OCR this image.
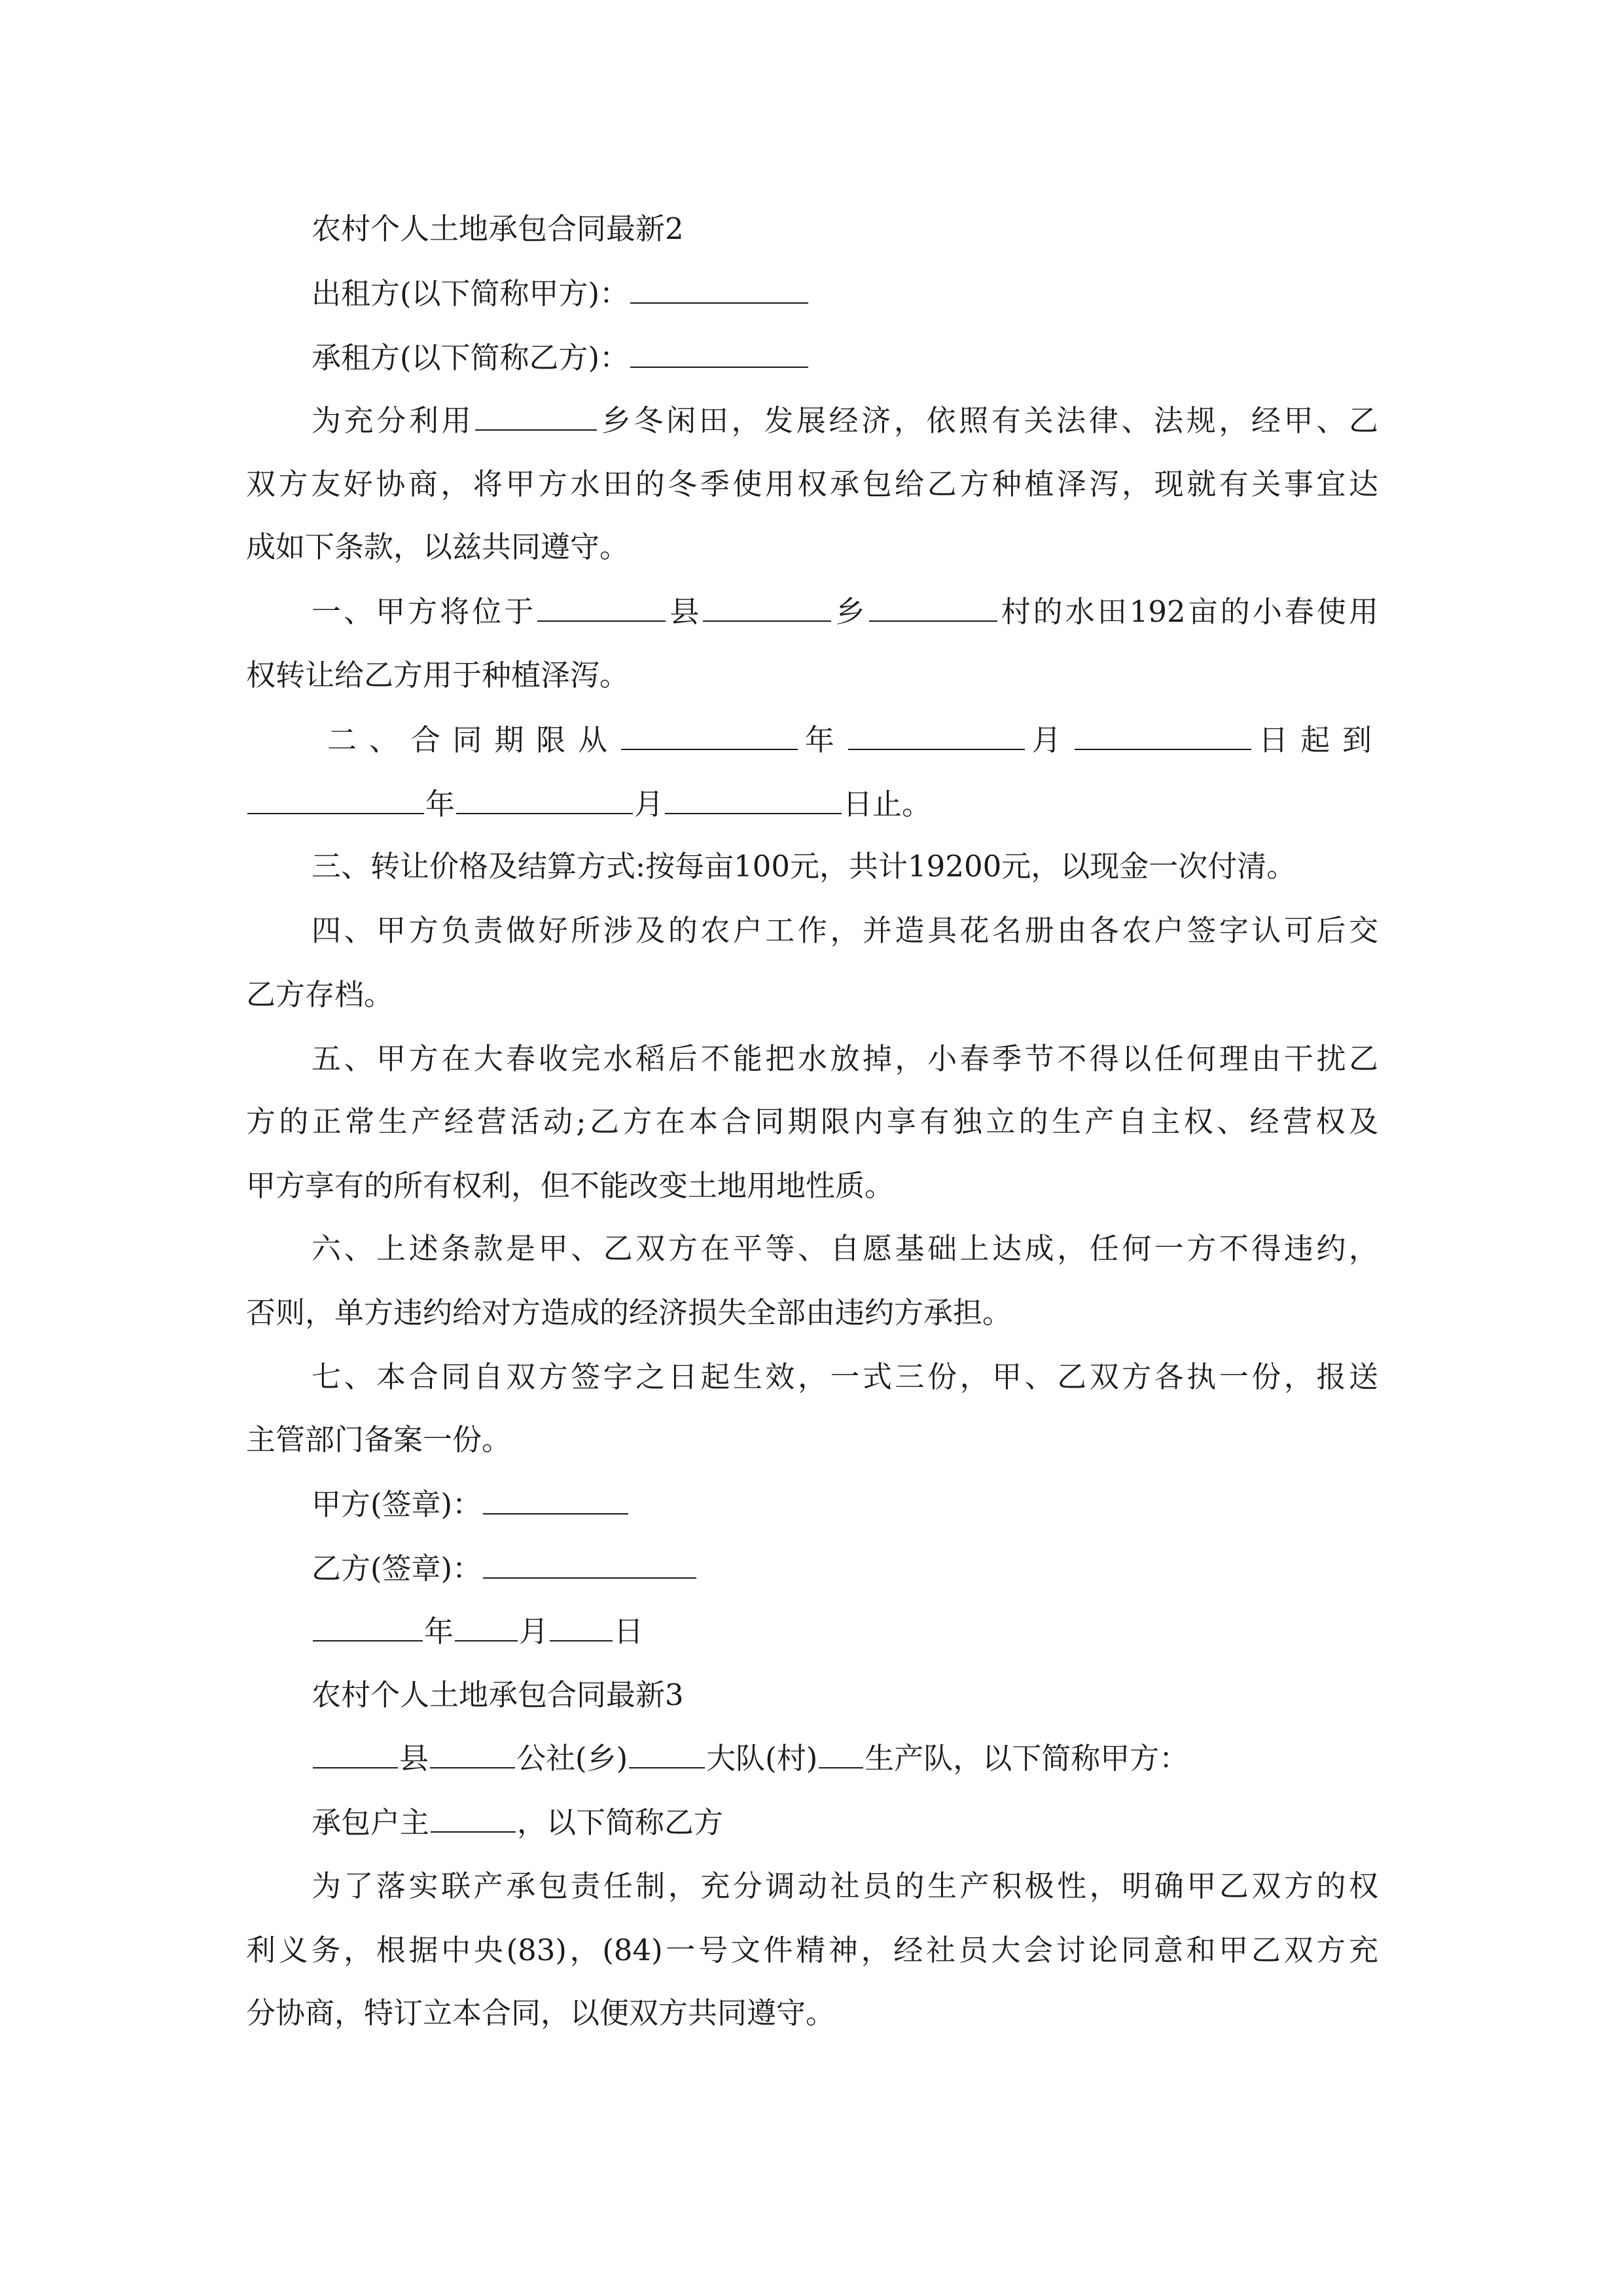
农村个人土地承包合同最新2
出租方(以下简称甲方)：
承租方(以下简称乙方)：
为充分利用	乡冬闲田，发展经济，依照有关法律、法规，经甲、乙
双方友好协商，将甲方水田的冬季使用权承包给乙方种植泽泻，现就有关事宜达
成如下条款，以兹共同遵守。
一、甲方将位于	县	乡	村的水田192亩的小春使用
权转让给乙方用于种植泽泻。
二、合同期限从	年	月	日起到
年	月	日止。
三、转让价格及结算方式:按每亩100元，共计19200元，以现金一次付清。
四、甲方负责做好所涉及的农户工作，并造具花名册由各农户签字认可后交
乙方存档。
五、甲方在大春收完水稻后不能把水放掉，小春季节不得以任何理由干扰乙
方的正常生产经营活动;乙方在本合同期限内享有独立的生产自主权、经营权及
甲方享有的所有权利，但不能改变土地用地性质。
六、上述条款是甲、乙双方在平等、自愿基础上达成，任何一方不得违约，
否则，单方违约给对方造成的经济损失全部由违约方承担。
七、本合同自双方签字之日起生效，一式三份，甲、乙双方各执一份，报送
主管部门备案一份。
甲方(签章)：
乙方(签章)：
年 月 日
农村个人土地承包合同最新3
县	公社(乡)	大队(村) 生产队，以下简称甲方：
承包户主	，以下简称乙方
为了落实联产承包责任制，充分调动社员的生产积极性，明确甲乙双方的权
利义务，根据中央(83)，(84)一号文件精神，经社员大会讨论同意和甲乙双方充
分协商，特订立本合同，以便双方共同遵守。
